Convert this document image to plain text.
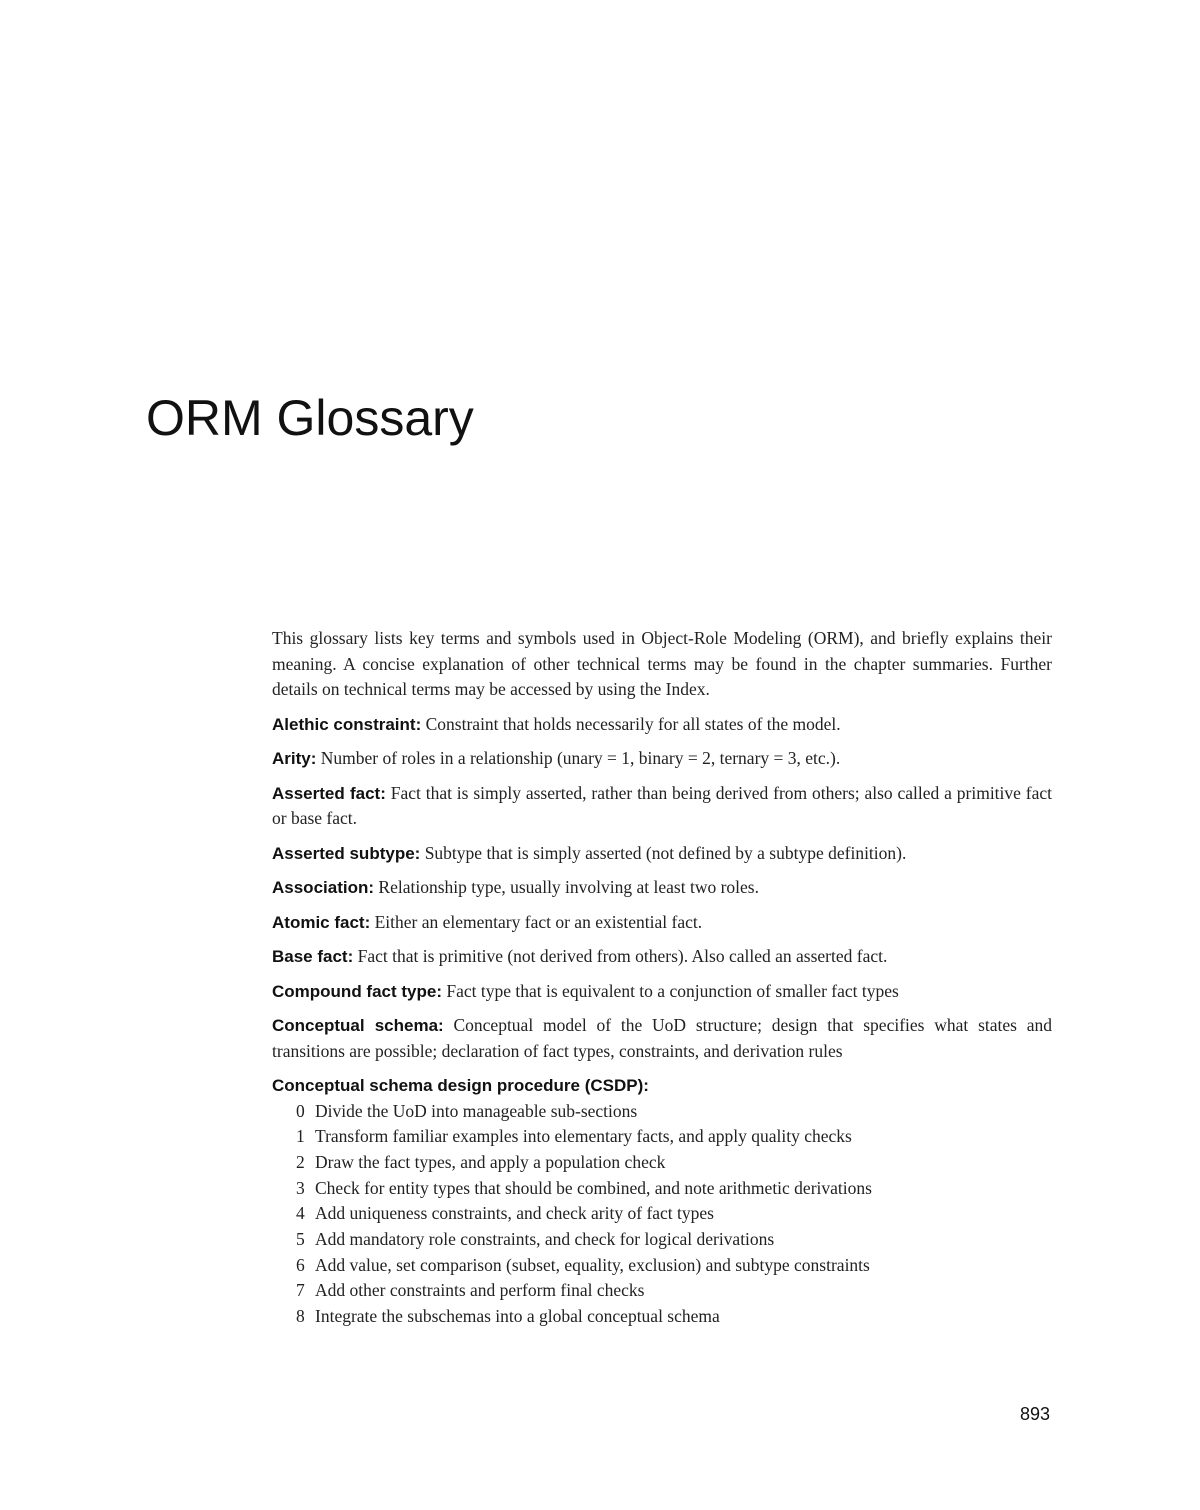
ORM Glossary

This glossary lists key terms and symbols used in Object-Role Modeling (ORM), and briefly explains their meaning. A concise explanation of other technical terms may be found in the chapter summaries. Further details on technical terms may be accessed by using the Index.

Alethic constraint: Constraint that holds necessarily for all states of the model.

Arity: Number of roles in a relationship (unary = 1, binary = 2, ternary = 3, etc.).

Asserted fact: Fact that is simply asserted, rather than being derived from others; also called a primitive fact or base fact.

Asserted subtype: Subtype that is simply asserted (not defined by a subtype definition).

Association: Relationship type, usually involving at least two roles.

Atomic fact: Either an elementary fact or an existential fact.

Base fact: Fact that is primitive (not derived from others). Also called an asserted fact.

Compound fact type: Fact type that is equivalent to a conjunction of smaller fact types

Conceptual schema: Conceptual model of the UoD structure; design that specifies what states and transitions are possible; declaration of fact types, constraints, and derivation rules

Conceptual schema design procedure (CSDP):
0 Divide the UoD into manageable sub-sections
1 Transform familiar examples into elementary facts, and apply quality checks
2 Draw the fact types, and apply a population check
3 Check for entity types that should be combined, and note arithmetic derivations
4 Add uniqueness constraints, and check arity of fact types
5 Add mandatory role constraints, and check for logical derivations
6 Add value, set comparison (subset, equality, exclusion) and subtype constraints
7 Add other constraints and perform final checks
8 Integrate the subschemas into a global conceptual schema

893
